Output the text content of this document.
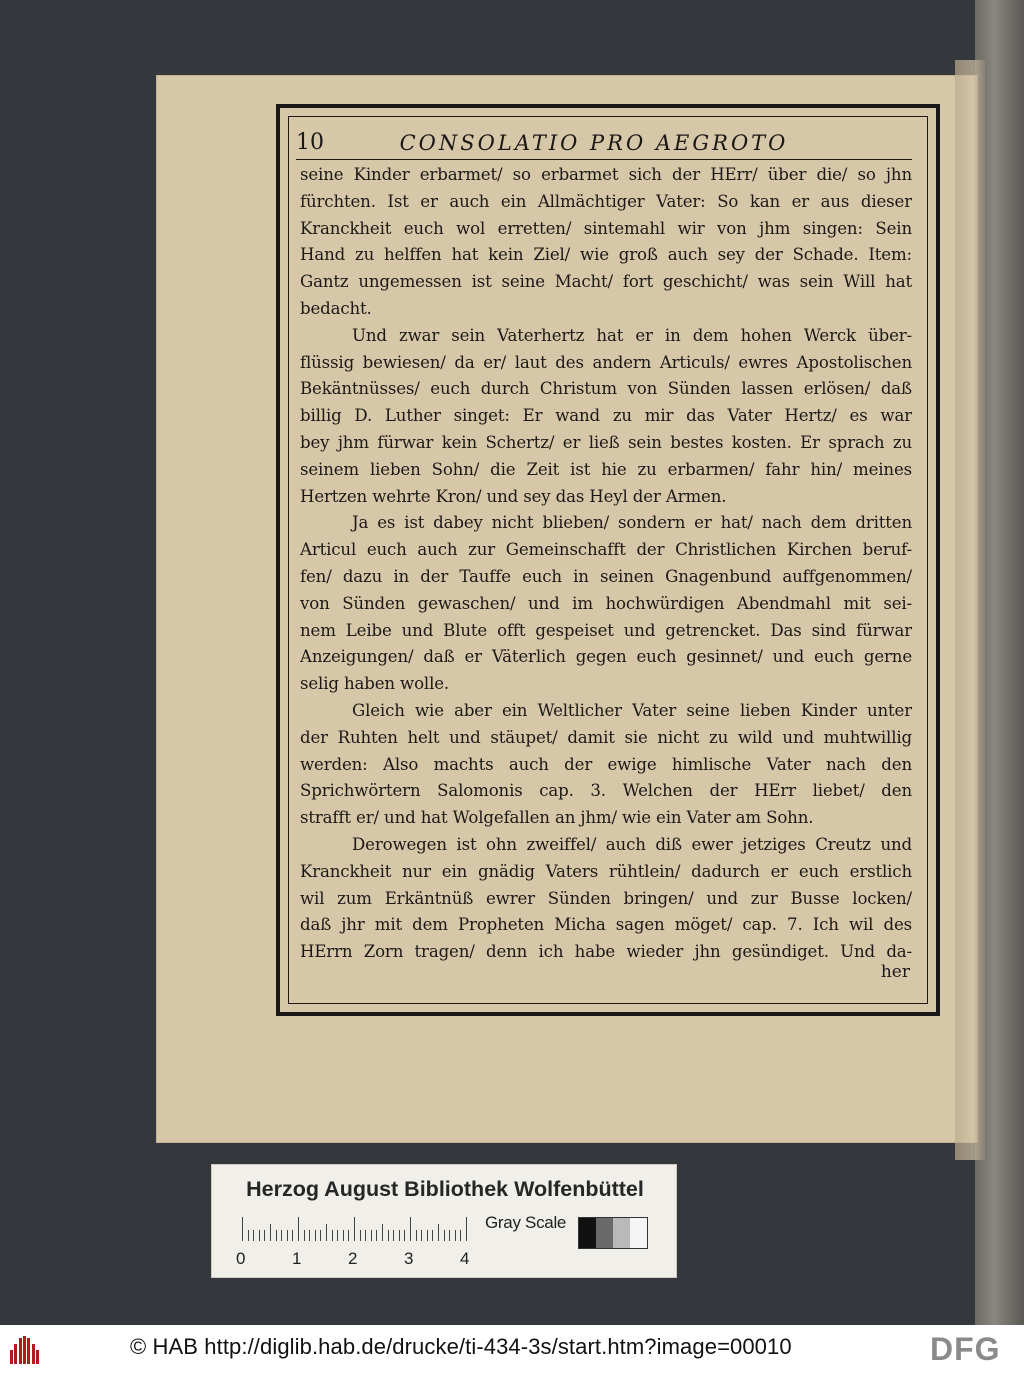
10	CONSOLATIO PRO AEGROTO
seine Kinder erbarmet/ so erbarmet sich der HErr/ über die/ so jhn
fürchten. Ist er auch ein Allmächtiger Vater: So kan er aus dieser
Kranckheit euch wol erretten/ sintemahl wir von jhm singen: Sein
Hand zu helffen hat kein Ziel/ wie groß auch sey der Schade. Item:
Gantz ungemessen ist seine Macht/ fort geschicht/ was sein Will hat
bedacht.
Und zwar sein Vaterhertz hat er in dem hohen Werck über-
flüssig bewiesen/ da er/ laut des andern Articuls/ ewres Apostolischen
Bekäntnüsses/ euch durch Christum von Sünden lassen erlösen/ daß
billig D. Luther singet: Er wand zu mir das Vater Hertz/ es war
bey jhm fürwar kein Schertz/ er ließ sein bestes kosten. Er sprach zu
seinem lieben Sohn/ die Zeit ist hie zu erbarmen/ fahr hin/ meines
Hertzen wehrte Kron/ und sey das Heyl der Armen.
Ja es ist dabey nicht blieben/ sondern er hat/ nach dem dritten
Articul euch auch zur Gemeinschafft der Christlichen Kirchen beruf-
fen/ dazu in der Tauffe euch in seinen Gnagenbund auffgenommen/
von Sünden gewaschen/ und im hochwürdigen Abendmahl mit sei-
nem Leibe und Blute offt gespeiset und getrencket. Das sind fürwar
Anzeigungen/ daß er Väterlich gegen euch gesinnet/ und euch gerne
selig haben wolle.
Gleich wie aber ein Weltlicher Vater seine lieben Kinder unter
der Ruhten helt und stäupet/ damit sie nicht zu wild und muhtwillig
werden: Also machts auch der ewige himlische Vater nach den
Sprichwörtern Salomonis cap. 3. Welchen der HErr liebet/ den
strafft er/ und hat Wolgefallen an jhm/ wie ein Vater am Sohn.
Derowegen ist ohn zweiffel/ auch diß ewer jetziges Creutz und
Kranckheit nur ein gnädig Vaters rühtlein/ dadurch er euch erstlich
wil zum Erkäntnüß ewrer Sünden bringen/ und zur Busse locken/
daß jhr mit dem Propheten Micha sagen möget/ cap. 7. Ich wil des
HErrn Zorn tragen/ denn ich habe wieder jhn gesündiget. Und da-
her
Herzog August Bibliothek Wolfenbüttel
0	1	2	3	4
Gray Scale
© HAB http://diglib.hab.de/drucke/ti-434-3s/start.htm?image=00010	DFG
